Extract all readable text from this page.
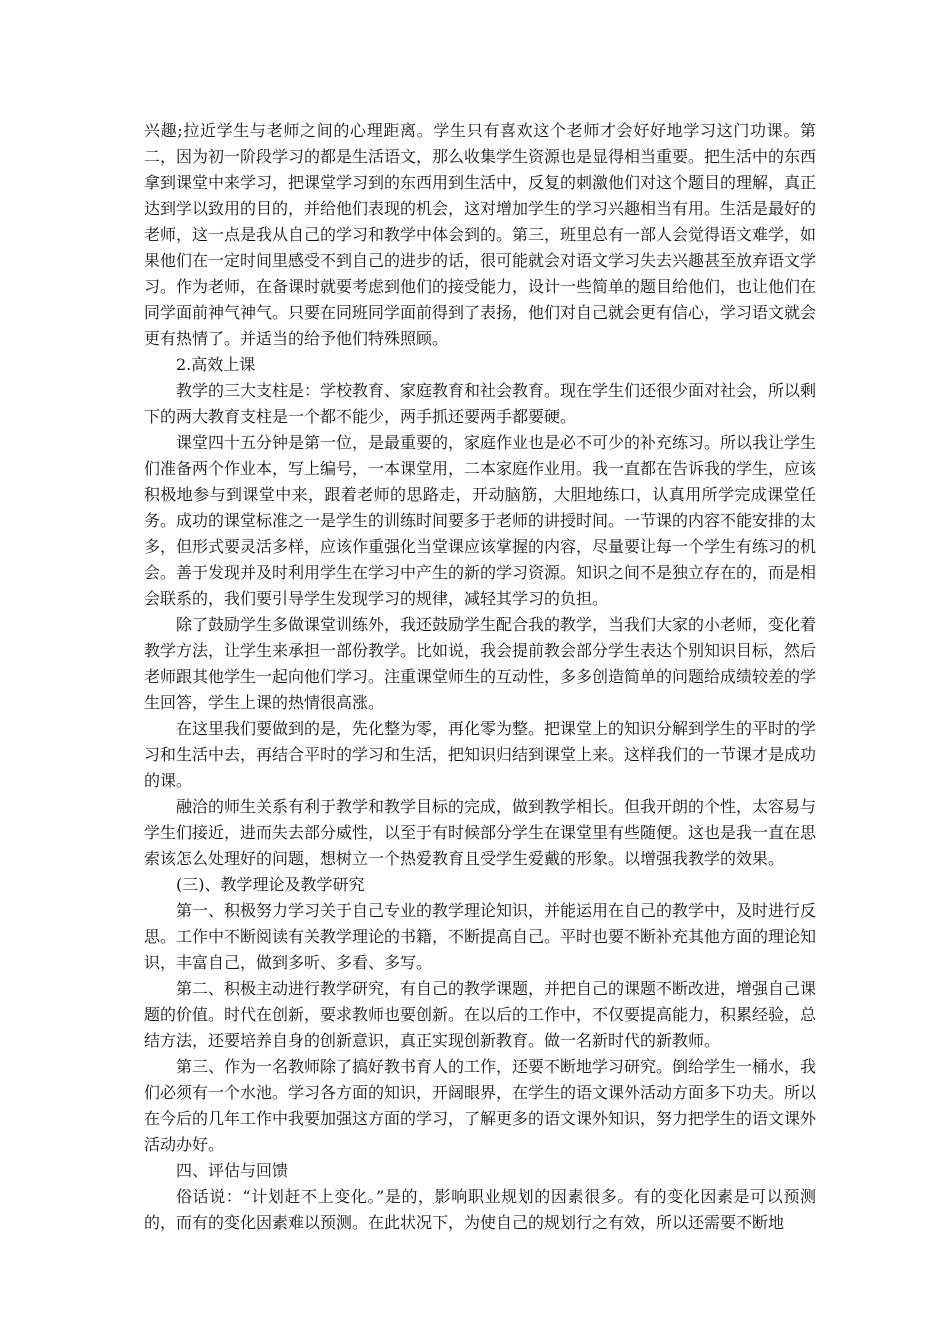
兴趣;拉近学生与老师之间的心理距离。学生只有喜欢这个老师才会好好地学习这门功课。第二，因为初一阶段学习的都是生活语文，那么收集学生资源也是显得相当重要。把生活中的东西拿到课堂中来学习，把课堂学习到的东西用到生活中，反复的刺激他们对这个题目的理解，真正达到学以致用的目的，并给他们表现的机会，这对增加学生的学习兴趣相当有用。生活是最好的老师，这一点是我从自己的学习和教学中体会到的。第三，班里总有一部人会觉得语文难学，如果他们在一定时间里感受不到自己的进步的话，很可能就会对语文学习失去兴趣甚至放弃语文学习。作为老师，在备课时就要考虑到他们的接受能力，设计一些简单的题目给他们，也让他们在同学面前神气神气。只要在同班同学面前得到了表扬，他们对自己就会更有信心，学习语文就会更有热情了。并适当的给予他们特殊照顾。

2.高效上课

教学的三大支柱是：学校教育、家庭教育和社会教育。现在学生们还很少面对社会，所以剩下的两大教育支柱是一个都不能少，两手抓还要两手都要硬。

课堂四十五分钟是第一位，是最重要的，家庭作业也是必不可少的补充练习。所以我让学生们准备两个作业本，写上编号，一本课堂用，二本家庭作业用。我一直都在告诉我的学生，应该积极地参与到课堂中来，跟着老师的思路走，开动脑筋，大胆地练口，认真用所学完成课堂任务。成功的课堂标准之一是学生的训练时间要多于老师的讲授时间。一节课的内容不能安排的太多，但形式要灵活多样，应该作重强化当堂课应该掌握的内容，尽量要让每一个学生有练习的机会。善于发现并及时利用学生在学习中产生的新的学习资源。知识之间不是独立存在的，而是相会联系的，我们要引导学生发现学习的规律，减轻其学习的负担。

除了鼓励学生多做课堂训练外，我还鼓励学生配合我的教学，当我们大家的小老师，变化着教学方法，让学生来承担一部份教学。比如说，我会提前教会部分学生表达个别知识目标，然后老师跟其他学生一起向他们学习。注重课堂师生的互动性，多多创造简单的问题给成绩较差的学生回答，学生上课的热情很高涨。

在这里我们要做到的是，先化整为零，再化零为整。把课堂上的知识分解到学生的平时的学习和生活中去，再结合平时的学习和生活，把知识归结到课堂上来。这样我们的一节课才是成功的课。

融洽的师生关系有利于教学和教学目标的完成，做到教学相长。但我开朗的个性，太容易与学生们接近，进而失去部分威性，以至于有时候部分学生在课堂里有些随便。这也是我一直在思索该怎么处理好的问题，想树立一个热爱教育且受学生爱戴的形象。以增强我教学的效果。

(三)、教学理论及教学研究

第一、积极努力学习关于自己专业的教学理论知识，并能运用在自己的教学中，及时进行反思。工作中不断阅读有关教学理论的书籍，不断提高自己。平时也要不断补充其他方面的理论知识，丰富自己，做到多听、多看、多写。

第二、积极主动进行教学研究，有自己的教学课题，并把自己的课题不断改进，增强自己课题的价值。时代在创新，要求教师也要创新。在以后的工作中，不仅要提高能力，积累经验，总结方法，还要培养自身的创新意识，真正实现创新教育。做一名新时代的新教师。

第三、作为一名教师除了搞好教书育人的工作，还要不断地学习研究。倒给学生一桶水，我们必须有一个水池。学习各方面的知识，开阔眼界，在学生的语文课外活动方面多下功夫。所以在今后的几年工作中我要加强这方面的学习，了解更多的语文课外知识，努力把学生的语文课外活动办好。

四、评估与回馈

俗话说：“计划赶不上变化。”是的，影响职业规划的因素很多。有的变化因素是可以预测的，而有的变化因素难以预测。在此状况下，为使自己的规划行之有效，所以还需要不断地
